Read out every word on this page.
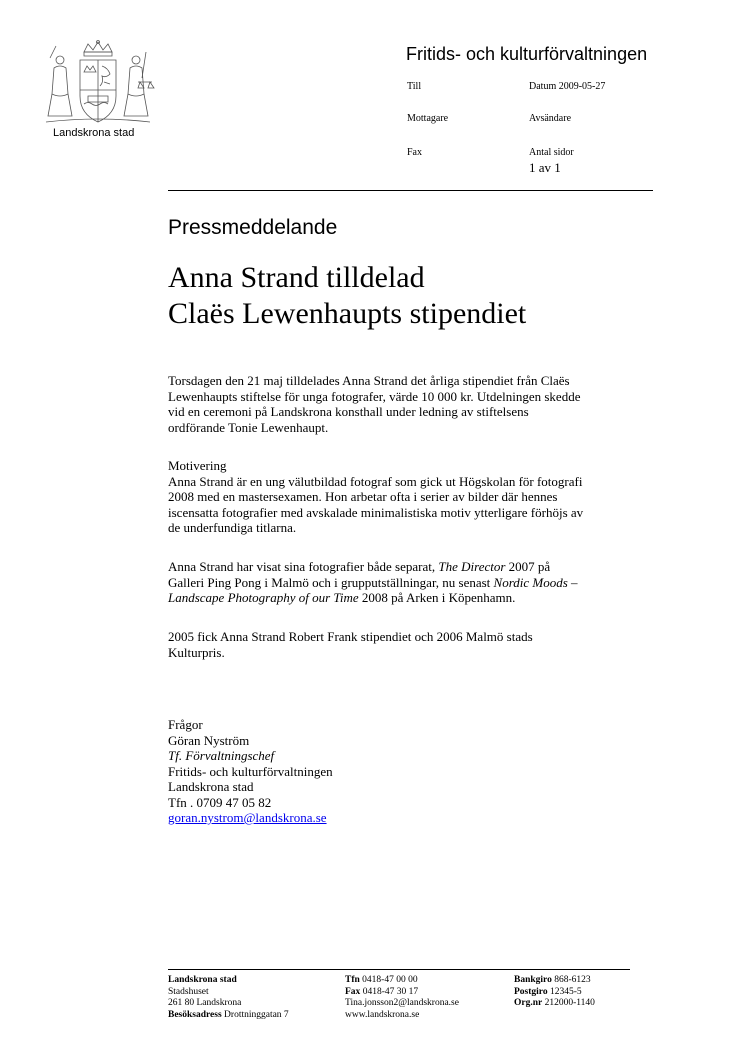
Landskrona stad
Fritids- och kulturförvaltningen
Till	Datum 2009-05-27
Mottagare	Avsändare
Fax	Antal sidor
1 av 1
Pressmeddelande
Anna Strand tilldelad
Claës Lewenhaupts stipendiet
Torsdagen den 21 maj tilldelades Anna Strand det årliga stipendiet från Claës
Lewenhaupts stiftelse för unga fotografer, värde 10 000 kr. Utdelningen skedde
vid en ceremoni på Landskrona konsthall under ledning av stiftelsens
ordförande Tonie Lewenhaupt.
Motivering
Anna Strand är en ung välutbildad fotograf som gick ut Högskolan för fotografi
2008 med en mastersexamen. Hon arbetar ofta i serier av bilder där hennes
iscensatta fotografier med avskalade minimalistiska motiv ytterligare förhöjs av
de underfundiga titlarna.
Anna Strand har visat sina fotografier både separat, The Director 2007 på
Galleri Ping Pong i Malmö och i grupputställningar, nu senast Nordic Moods –
Landscape Photography of our Time 2008 på Arken i Köpenhamn.
2005 fick Anna Strand Robert Frank stipendiet och 2006 Malmö stads
Kulturpris.
Frågor
Göran Nyström
Tf. Förvaltningschef
Fritids- och kulturförvaltningen
Landskrona stad
Tfn . 0709 47 05 82
goran.nystrom@landskrona.se
Landskrona stad
Stadshuset
261 80 Landskrona
Besöksadress Drottninggatan 7
Tfn 0418-47 00 00
Fax 0418-47 30 17
Tina.jonsson2@landskrona.se
www.landskrona.se
Bankgiro 868-6123
Postgiro 12345-5
Org.nr 212000-1140
